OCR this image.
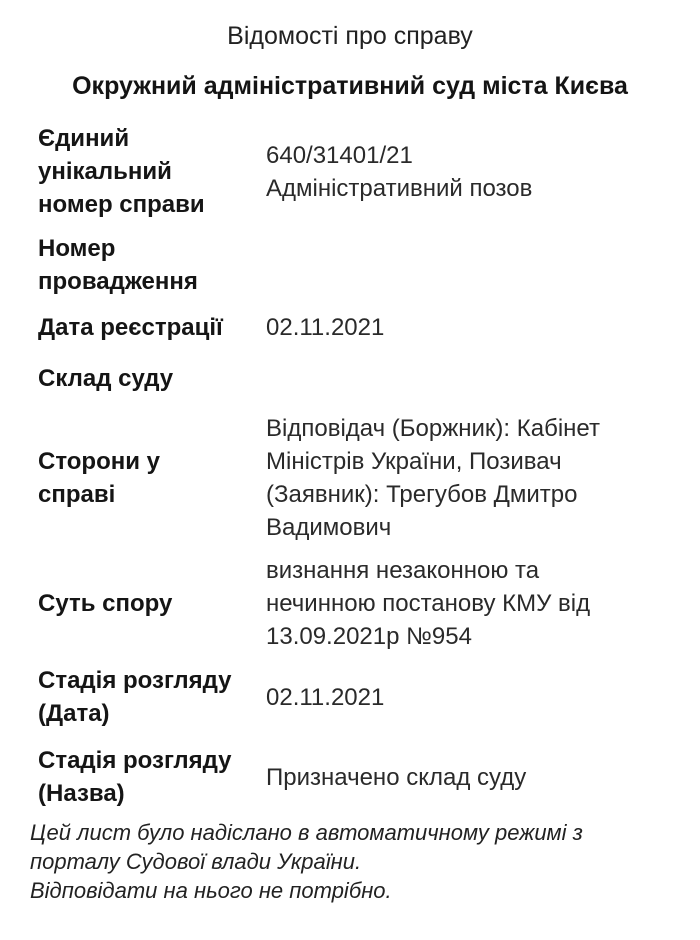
Відомості про справу
Окружний адміністративний суд міста Києва
Єдиний
унікальний
номер справи
640/31401/21
Адміністративний позов
Номер
провадження
Дата реєстрації	02.11.2021
Склад суду
Сторони у
справі
Відповідач (Боржник): Кабінет
Міністрів України, Позивач
(Заявник): Трегубов Дмитро
Вадимович
Суть спору
визнання незаконною та
нечинною постанову КМУ від
13.09.2021р №954
Стадія розгляду
(Дата)
02.11.2021
Стадія розгляду
(Назва)
Призначено склад суду
Цей лист було надіслано в автоматичному режимі з
порталу Судової влади України.
Відповідати на нього не потрібно.
